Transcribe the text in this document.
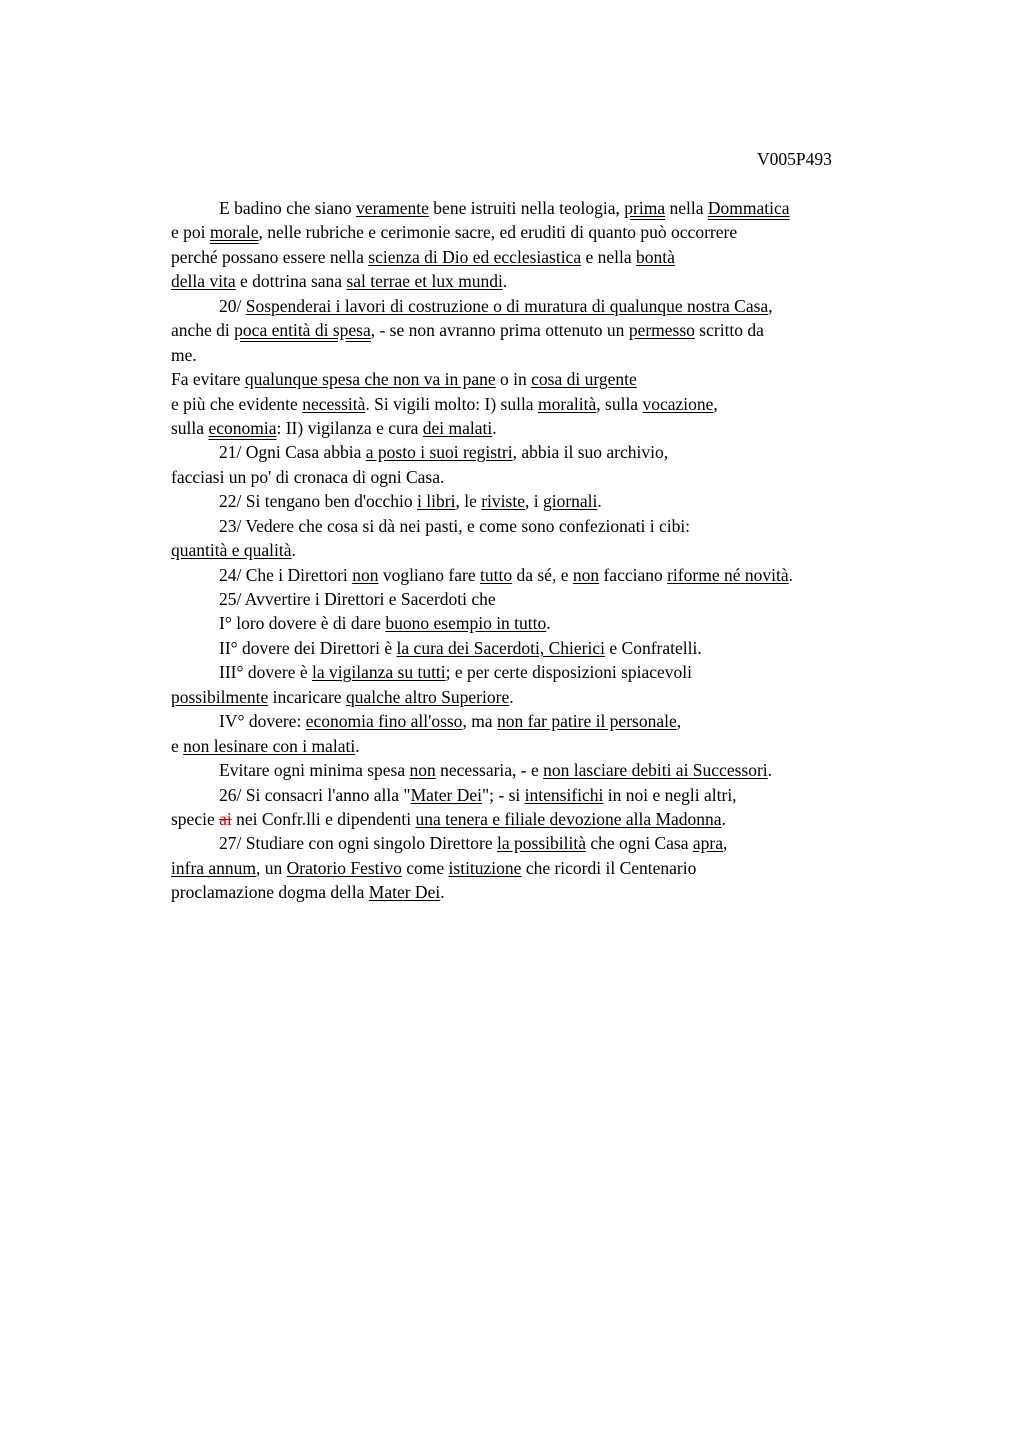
V005P493
E badino che siano veramente bene istruiti nella teologia, prima nella Dommatica
e poi morale, nelle rubriche e cerimonie sacre, ed eruditi di quanto può occorrere
perché possano essere nella scienza di Dio ed ecclesiastica e nella bontà
della vita e dottrina sana sal terrae et lux mundi.
20/ Sospenderai i lavori di costruzione o di muratura di qualunque nostra Casa,
anche di poca entità di spesa, - se non avranno prima ottenuto un permesso scritto da
me.
Fa evitare qualunque spesa che non va in pane o in cosa di urgente
e più che evidente necessità. Si vigili molto: I) sulla moralità, sulla vocazione,
sulla economia: II) vigilanza e cura dei malati.
21/ Ogni Casa abbia a posto i suoi registri, abbia il suo archivio,
facciasi un po' di cronaca di ogni Casa.
22/ Si tengano ben d'occhio i libri, le riviste, i giornali.
23/ Vedere che cosa si dà nei pasti, e come sono confezionati i cibi:
quantità e qualità.
24/ Che i Direttori non vogliano fare tutto da sé, e non facciano riforme né novità.
25/ Avvertire i Direttori e Sacerdoti che
I° loro dovere è di dare buono esempio in tutto.
II° dovere dei Direttori è la cura dei Sacerdoti, Chierici e Confratelli.
III° dovere è la vigilanza su tutti; e per certe disposizioni spiacevoli
possibilmente incaricare qualche altro Superiore.
IV° dovere: economia fino all'osso, ma non far patire il personale,
e non lesinare con i malati.
Evitare ogni minima spesa non necessaria, - e non lasciare debiti ai Successori.
26/ Si consacri l'anno alla "Mater Dei"; - si intensifichi in noi e negli altri,
specie ai nei Confr.lli e dipendenti una tenera e filiale devozione alla Madonna.
27/ Studiare con ogni singolo Direttore la possibilità che ogni Casa apra,
infra annum, un Oratorio Festivo come istituzione che ricordi il Centenario
proclamazione dogma della Mater Dei.
